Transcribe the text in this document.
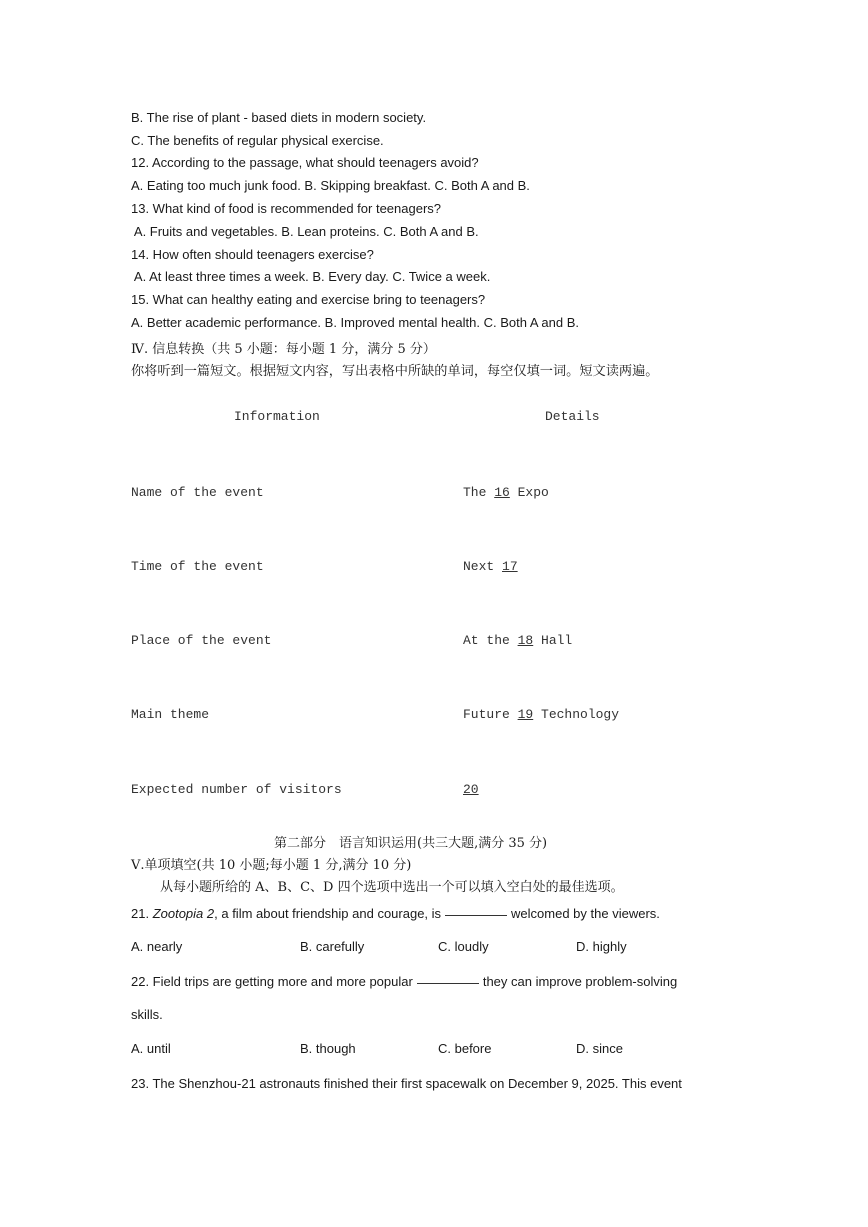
B. The rise of plant - based diets in modern society.
C. The benefits of regular physical exercise.
12. According to the passage, what should teenagers avoid?
A. Eating too much junk food. B. Skipping breakfast. C. Both A and B.
13. What kind of food is recommended for teenagers?
A. Fruits and vegetables. B. Lean proteins. C. Both A and B.
14. How often should teenagers exercise?
A. At least three times a week. B. Every day. C. Twice a week.
15. What can healthy eating and exercise bring to teenagers?
A. Better academic performance. B. Improved mental health. C. Both A and B.
Ⅳ. 信息转换（共 5 小题：每小题 1 分，满分 5 分）
你将听到一篇短文。根据短文内容，写出表格中所缺的单词，每空仅填一词。短文读两遍。
Information	Details
Name of the event	The 16 Expo
Time of the event	Next 17
Place of the event	At the 18 Hall
Main theme	Future 19 Technology
Expected number of visitors	20
第二部分　语言知识运用(共三大题,满分 35 分)
Ⅴ.单项填空(共 10 小题;每小题 1 分,满分 10 分)
从每小题所给的 A、B、C、D 四个选项中选出一个可以填入空白处的最佳选项。
21. Zootopia 2, a film about friendship and courage, is	welcomed by the viewers.
A. nearly	B. carefully	C. loudly	D. highly
22. Field trips are getting more and more popular	they can improve problem-solving
skills.
A. until	B. though	C. before	D. since
23. The Shenzhou-21 astronauts finished their first spacewalk on December 9, 2025. This event
